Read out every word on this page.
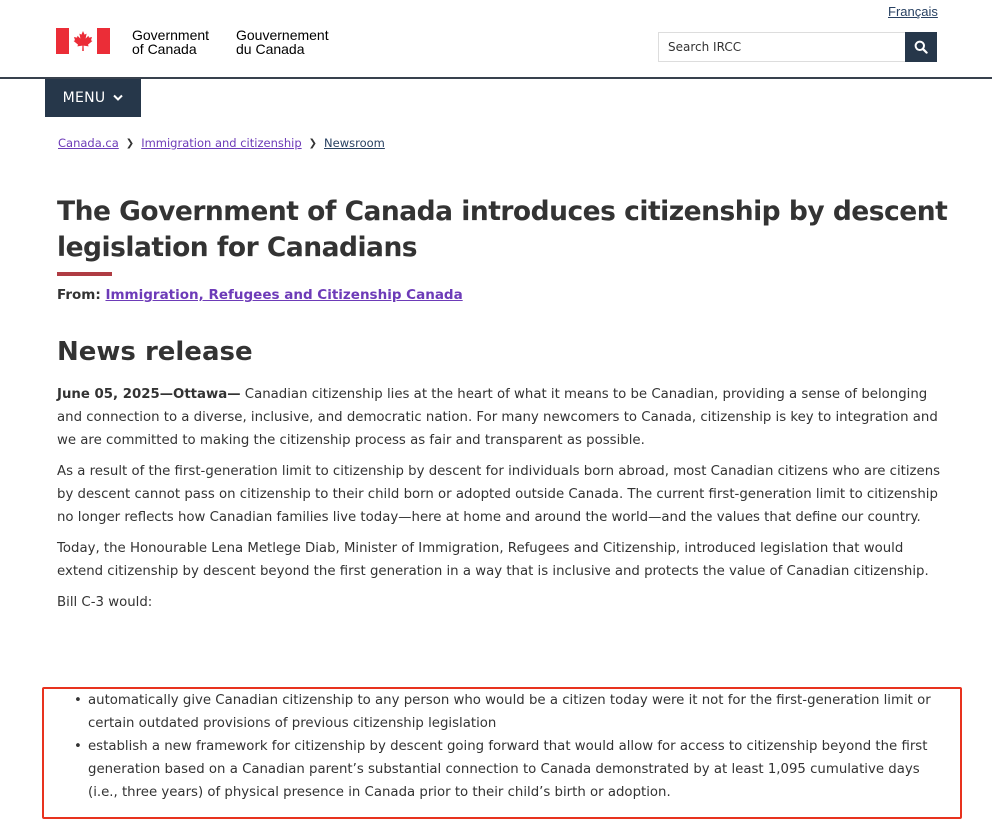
Français
Government
of Canada
Gouvernement
du Canada
Search IRCC
MENU
Canada.ca ❯ Immigration and citizenship ❯ Newsroom
The Government of Canada introduces citizenship by descent legislation for Canadians
From: Immigration, Refugees and Citizenship Canada
News release

June 05, 2025—Ottawa— Canadian citizenship lies at the heart of what it means to be Canadian, providing a sense of belonging and connection to a diverse, inclusive, and democratic nation. For many newcomers to Canada, citizenship is key to integration and we are committed to making the citizenship process as fair and transparent as possible.

As a result of the first-generation limit to citizenship by descent for individuals born abroad, most Canadian citizens who are citizens by descent cannot pass on citizenship to their child born or adopted outside Canada. The current first-generation limit to citizenship no longer reflects how Canadian families live today—here at home and around the world—and the values that define our country.

Today, the Honourable Lena Metlege Diab, Minister of Immigration, Refugees and Citizenship, introduced legislation that would extend citizenship by descent beyond the first generation in a way that is inclusive and protects the value of Canadian citizenship.

Bill C-3 would:

• automatically give Canadian citizenship to any person who would be a citizen today were it not for the first-generation limit or certain outdated provisions of previous citizenship legislation
• establish a new framework for citizenship by descent going forward that would allow for access to citizenship beyond the first generation based on a Canadian parent’s substantial connection to Canada demonstrated by at least 1,095 cumulative days (i.e., three years) of physical presence in Canada prior to their child’s birth or adoption.
